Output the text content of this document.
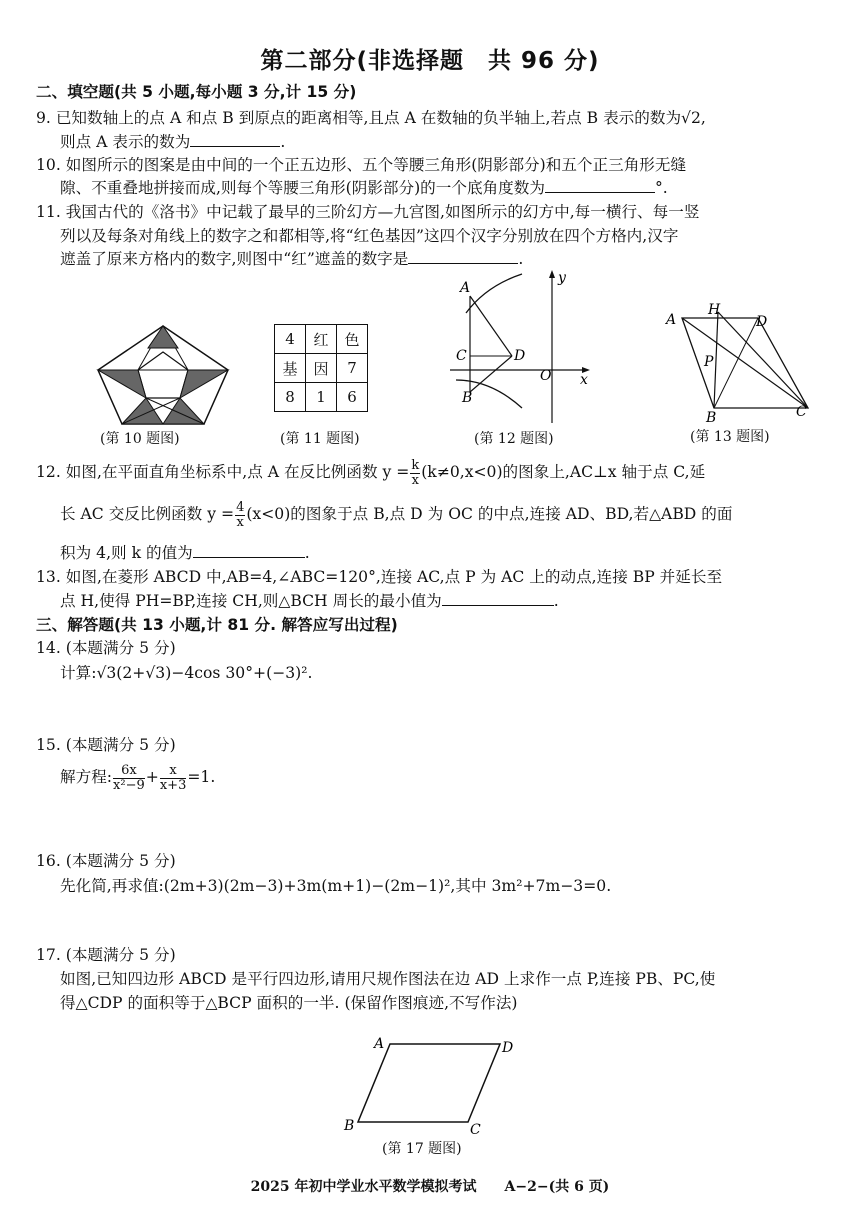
第二部分(非选择题　共 96 分)
二、填空题(共 5 小题,每小题 3 分,计 15 分)
9. 已知数轴上的点 A 和点 B 到原点的距离相等,且点 A 在数轴的负半轴上,若点 B 表示的数为√2,
则点 A 表示的数为	.
10. 如图所示的图案是由中间的一个正五边形、五个等腰三角形(阴影部分)和五个正三角形无缝
隙、不重叠地拼接而成,则每个等腰三角形(阴影部分)的一个底角度数为	°.
11. 我国古代的《洛书》中记载了最早的三阶幻方—九宫图,如图所示的幻方中,每一横行、每一竖
列以及每条对角线上的数字之和都相等,将“红色基因”这四个汉字分别放在四个方格内,汉字
遮盖了原来方格内的数字,则图中“红”遮盖的数字是	.
(第 10 题图)
4	红	色
基	因	7
8	1	6
(第 11 题图)
A
C	D
B
O x
y
(第 12 题图)
A
H
D
P
B	C
(第 13 题图)
12. 如图,在平面直角坐标系中,点 A 在反比例函数 $y = \frac{k}{x} (k\ne 0,x<0)$的图象上,AC⊥x 轴于点 C,延
长 AC 交反比例函数 $y = \frac{4}{x} (x<0)$的图象于点 B,点 D 为 OC 的中点,连接 AD、BD,若△ABD 的面
积为 4,则 k 的值为	.
13. 如图,在菱形 ABCD 中,AB=4,∠ABC=120°,连接 AC,点 P 为 AC 上的动点,连接 BP 并延长至
点 H,使得 PH=BP,连接 CH,则△BCH 周长的最小值为	.
三、解答题(共 13 小题,计 81 分. 解答应写出过程)
14. (本题满分 5 分)
计算:√3(2+√3)−4cos 30°+(−3)².
15. (本题满分 5 分)
解方程: $\frac{6x}{\text{x²−9}} + \frac{x}{x+3} =1$.
16. (本题满分 5 分)
先化简,再求值:(2m+3)(2m−3)+3m(m+1)−(2m−1)²,其中 3m²+7m−3=0.
17. (本题满分 5 分)
如图,已知四边形 ABCD 是平行四边形,请用尺规作图法在边 AD 上求作一点 P,连接 PB、PC,使
得△CDP 的面积等于△BCP 面积的一半. (保留作图痕迹,不写作法)
A	D
B	C
(第 17 题图)
2025 年初中学业水平数学模拟考试　　A−2−(共 6 页)
